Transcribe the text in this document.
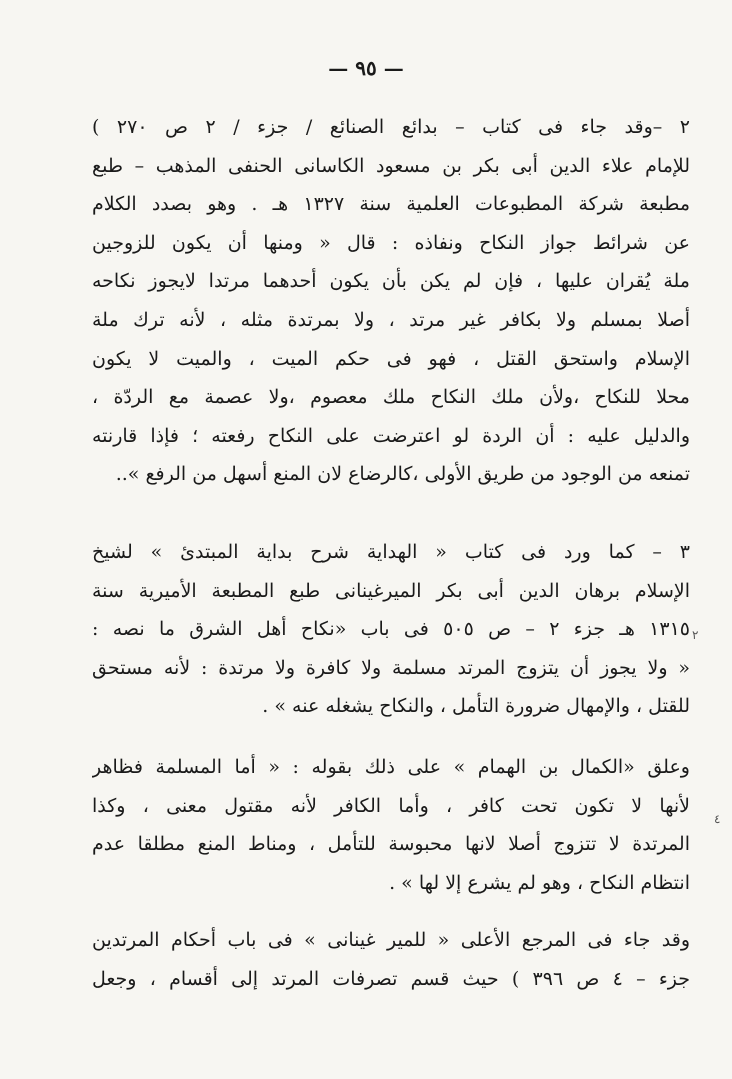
— ٩٥ —
٢
٤
٢ –وقد جاء فى كتاب – بدائع الصنائع / جزء / ٢ ص ٢٧٠ )
للإمام علاء الدين أبى بكر بن مسعود الكاسانى الحنفى المذهب – طبع
مطبعة شركة المطبوعات العلمية سنة ١٣٢٧ هـ . وهو بصدد الكلام
عن شرائط جواز النكاح ونفاذه : قال « ومنها أن يكون للزوجين
ملة يُقران عليها ، فإن لم يكن بأن يكون أحدهما مرتدا لايجوز نكاحه
أصلا بمسلم ولا بكافر غير مرتد ، ولا بمرتدة مثله ، لأنه ترك ملة
الإسلام واستحق القتل ، فهو فى حكم الميت ، والميت لا يكون
محلا للنكاح ،ولأن ملك النكاح ملك معصوم ،ولا عصمة مع الردّة ،
والدليل عليه : أن الردة لو اعترضت على النكاح رفعته ؛ فإذا قارنته
تمنعه من الوجود من طريق الأولى ،كالرضاع لان المنع أسهل من الرفع »..
٣ – كما ورد فى كتاب « الهداية شرح بداية المبتدئ » لشيخ
الإسلام برهان الدين أبى بكر الميرغينانى طبع المطبعة الأميرية سنة
١٣١٥ هـ جزء ٢ – ص ٥٠٥ فى باب «نكاح أهل الشرق ما نصه :
« ولا يجوز أن يتزوج المرتد مسلمة ولا كافرة ولا مرتدة : لأنه مستحق
للقتل ، والإمهال ضرورة التأمل ، والنكاح يشغله عنه » .
وعلق «الكمال بن الهمام » على ذلك بقوله : « أما المسلمة فظاهر
لأنها لا تكون تحت كافر ، وأما الكافر لأنه مقتول معنى ، وكذا
المرتدة لا تتزوج أصلا لانها محبوسة للتأمل ، ومناط المنع مطلقا عدم
انتظام النكاح ، وهو لم يشرع إلا لها » .
وقد جاء فى المرجع الأعلى « للمير غينانى » فى باب أحكام المرتدين
جزء – ٤ ص ٣٩٦ ) حيث قسم تصرفات المرتد إلى أقسام ، وجعل
